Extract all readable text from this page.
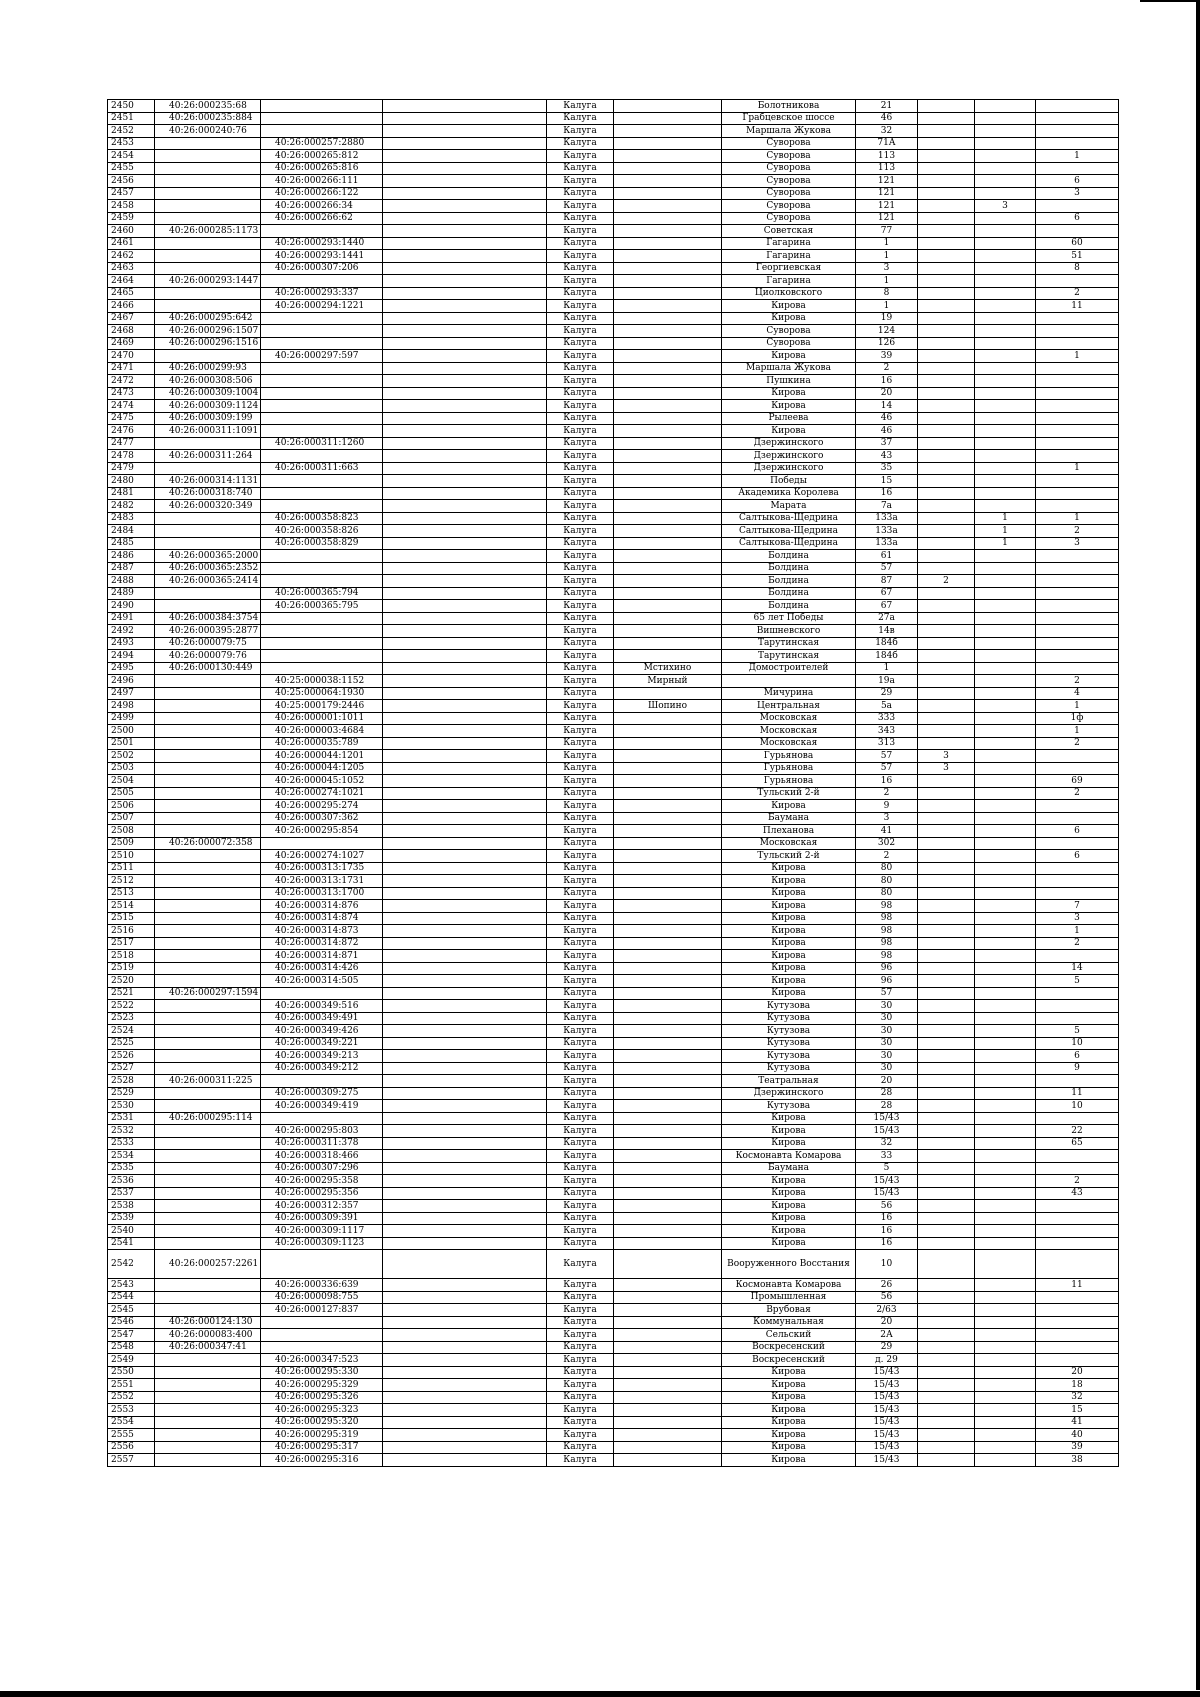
2450	40:26:000235:68			Калуга		Болотникова	21			
2451	40:26:000235:884			Калуга		Грабцевское шоссе	46			
2452	40:26:000240:76			Калуга		Маршала Жукова	32			
2453		40:26:000257:2880		Калуга		Суворова	71А			
2454		40:26:000265:812		Калуга		Суворова	113			1
2455		40:26:000265:816		Калуга		Суворова	113			
2456		40:26:000266:111		Калуга		Суворова	121			6
2457		40:26:000266:122		Калуга		Суворова	121			3
2458		40:26:000266:34		Калуга		Суворова	121		3	
2459		40:26:000266:62		Калуга		Суворова	121			6
2460	40:26:000285:1173			Калуга		Советская	77			
2461		40:26:000293:1440		Калуга		Гагарина	1			60
2462		40:26:000293:1441		Калуга		Гагарина	1			51
2463		40:26:000307:206		Калуга		Георгиевская	3			8
2464	40:26:000293:1447			Калуга		Гагарина	1			
2465		40:26:000293:337		Калуга		Циолковского	8			2
2466		40:26:000294:1221		Калуга		Кирова	1			11
2467	40:26:000295:642			Калуга		Кирова	19			
2468	40:26:000296:1507			Калуга		Суворова	124			
2469	40:26:000296:1516			Калуга		Суворова	126			
2470		40:26:000297:597		Калуга		Кирова	39			1
2471	40:26:000299:93			Калуга		Маршала Жукова	2			
2472	40:26:000308:506			Калуга		Пушкина	16			
2473	40:26:000309:1004			Калуга		Кирова	20			
2474	40:26:000309:1124			Калуга		Кирова	14			
2475	40:26:000309:199			Калуга		Рылеева	46			
2476	40:26:000311:1091			Калуга		Кирова	46			
2477		40:26:000311:1260		Калуга		Дзержинского	37			
2478	40:26:000311:264			Калуга		Дзержинского	43			
2479		40:26:000311:663		Калуга		Дзержинского	35			1
2480	40:26:000314:1131			Калуга		Победы	15			
2481	40:26:000318:740			Калуга		Академика Королева	16			
2482	40:26:000320:349			Калуга		Марата	7а			
2483		40:26:000358:823		Калуга		Салтыкова-Щедрина	133а		1	1
2484		40:26:000358:826		Калуга		Салтыкова-Щедрина	133а		1	2
2485		40:26:000358:829		Калуга		Салтыкова-Щедрина	133а		1	3
2486	40:26:000365:2000			Калуга		Болдина	61			
2487	40:26:000365:2352			Калуга		Болдина	57			
2488	40:26:000365:2414			Калуга		Болдина	87	2		
2489		40:26:000365:794		Калуга		Болдина	67			
2490		40:26:000365:795		Калуга		Болдина	67			
2491	40:26:000384:3754			Калуга		65 лет Победы	27а			
2492	40:26:000395:2877			Калуга		Вишневского	14в			
2493	40:26:000079:75			Калуга		Тарутинская	184б			
2494	40:26:000079:76			Калуга		Тарутинская	184б			
2495	40:26:000130:449			Калуга	Мстихино	Домостроителей	1			
2496		40:25:000038:1152		Калуга	Мирный		19а			2
2497		40:25:000064:1930		Калуга		Мичурина	29			4
2498		40:25:000179:2446		Калуга	Шопино	Центральная	5а			1
2499		40:26:000001:1011		Калуга		Московская	333			1ф
2500		40:26:000003:4684		Калуга		Московская	343			1
2501		40:26:000035:789		Калуга		Московская	313			2
2502		40:26:000044:1201		Калуга		Гурьянова	57	3		
2503		40:26:000044:1205		Калуга		Гурьянова	57	3		
2504		40:26:000045:1052		Калуга		Гурьянова	16			69
2505		40:26:000274:1021		Калуга		Тульский 2-й	2			2
2506		40:26:000295:274		Калуга		Кирова	9			
2507		40:26:000307:362		Калуга		Баумана	3			
2508		40:26:000295:854		Калуга		Плеханова	41			6
2509	40:26:000072:358			Калуга		Московская	302			
2510		40:26:000274:1027		Калуга		Тульский 2-й	2			6
2511		40:26:000313:1735		Калуга		Кирова	80			
2512		40:26:000313:1731		Калуга		Кирова	80			
2513		40:26:000313:1700		Калуга		Кирова	80			
2514		40:26:000314:876		Калуга		Кирова	98			7
2515		40:26:000314:874		Калуга		Кирова	98			3
2516		40:26:000314:873		Калуга		Кирова	98			1
2517		40:26:000314:872		Калуга		Кирова	98			2
2518		40:26:000314:871		Калуга		Кирова	98			
2519		40:26:000314:426		Калуга		Кирова	96			14
2520		40:26:000314:505		Калуга		Кирова	96			5
2521	40:26:000297:1594			Калуга		Кирова	57			
2522		40:26:000349:516		Калуга		Кутузова	30			
2523		40:26:000349:491		Калуга		Кутузова	30			
2524		40:26:000349:426		Калуга		Кутузова	30			5
2525		40:26:000349:221		Калуга		Кутузова	30			10
2526		40:26:000349:213		Калуга		Кутузова	30			6
2527		40:26:000349:212		Калуга		Кутузова	30			9
2528	40:26:000311:225			Калуга		Театральная	20			
2529		40:26:000309:275		Калуга		Дзержинского	28			11
2530		40:26:000349:419		Калуга		Кутузова	28			10
2531	40:26:000295:114			Калуга		Кирова	15/43			
2532		40:26:000295:803		Калуга		Кирова	15/43			22
2533		40:26:000311:378		Калуга		Кирова	32			65
2534		40:26:000318:466		Калуга		Космонавта Комарова	33			
2535		40:26:000307:296		Калуга		Баумана	5			
2536		40:26:000295:358		Калуга		Кирова	15/43			2
2537		40:26:000295:356		Калуга		Кирова	15/43			43
2538		40:26:000312:357		Калуга		Кирова	56			
2539		40:26:000309:391		Калуга		Кирова	16			
2540		40:26:000309:1117		Калуга		Кирова	16			
2541		40:26:000309:1123		Калуга		Кирова	16			
2542	40:26:000257:2261			Калуга		Вооруженного Восстания	10			
2543		40:26:000336:639		Калуга		Космонавта Комарова	26			11
2544		40:26:000098:755		Калуга		Промышленная	56			
2545		40:26:000127:837		Калуга		Врубовая	2/63			
2546	40:26:000124:130			Калуга		Коммунальная	20			
2547	40:26:000083:400			Калуга		Сельский	2А			
2548	40:26:000347:41			Калуга		Воскресенский	29			
2549		40:26:000347:523		Калуга		Воскресенский	д. 29			
2550		40:26:000295:330		Калуга		Кирова	15/43			20
2551		40:26:000295:329		Калуга		Кирова	15/43			18
2552		40:26:000295:326		Калуга		Кирова	15/43			32
2553		40:26:000295:323		Калуга		Кирова	15/43			15
2554		40:26:000295:320		Калуга		Кирова	15/43			41
2555		40:26:000295:319		Калуга		Кирова	15/43			40
2556		40:26:000295:317		Калуга		Кирова	15/43			39
2557		40:26:000295:316		Калуга		Кирова	15/43			38
